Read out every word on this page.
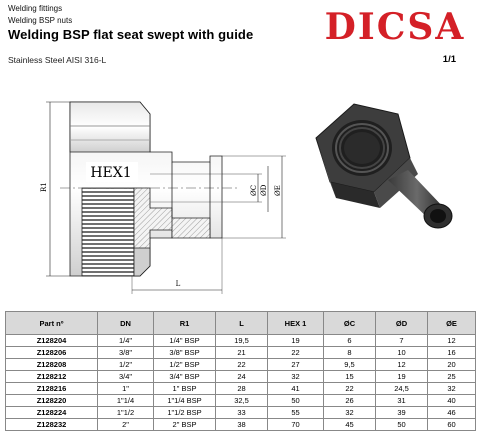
Welding fittings
Welding BSP nuts
Welding BSP flat seat swept with guide DICSA
Stainless Steel AISI 316-L	1/1
HEX1
R1	ØC ØD ØE
L
Part nº	DN	R1	L	HEX 1	ØC	ØD	ØE
Z128204	1/4"	1/4" BSP	19,5	19	6	7	12
Z128206	3/8"	3/8" BSP	21	22	8	10	16
Z128208	1/2"	1/2" BSP	22	27	9,5	12	20
Z128212	3/4"	3/4" BSP	24	32	15	19	25
Z128216	1"	1" BSP	28	41	22	24,5	32
Z128220	1"1/4	1"1/4 BSP	32,5	50	26	31	40
Z128224	1"1/2	1"1/2 BSP	33	55	32	39	46
Z128232	2"	2" BSP	38	70	45	50	60
